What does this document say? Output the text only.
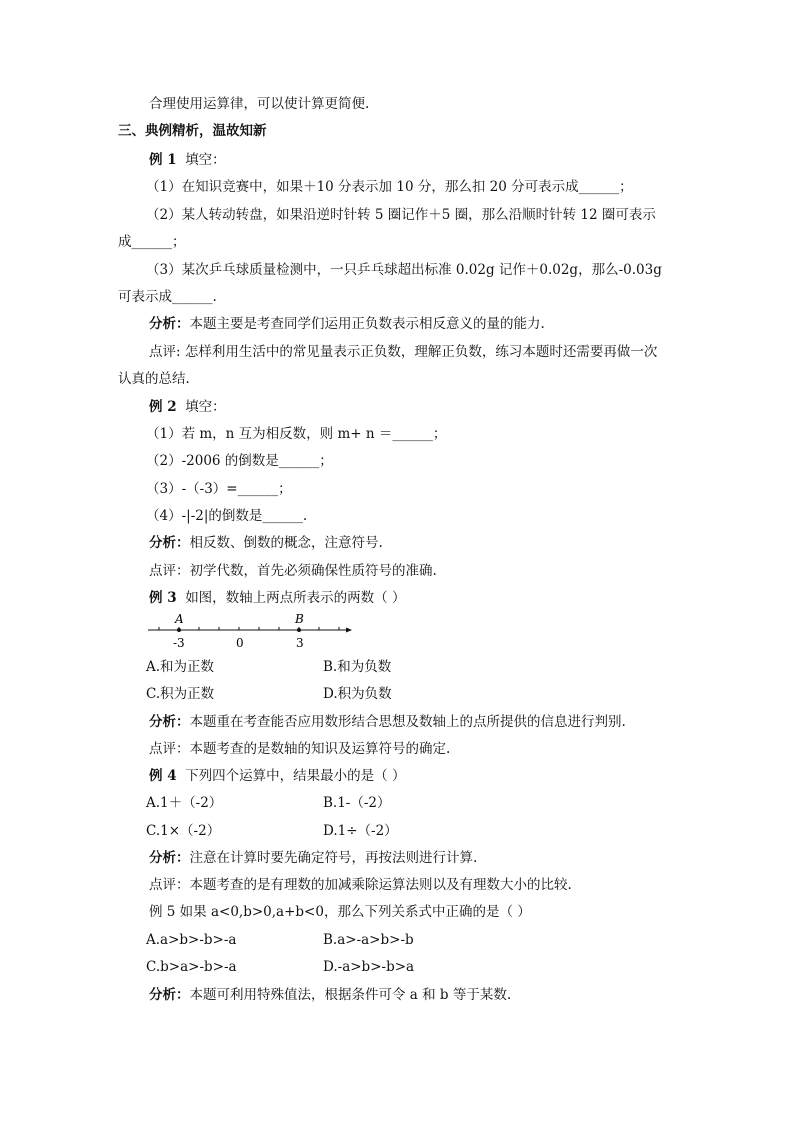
合理使用运算律，可以使计算更简便.
三、典例精析，温故知新
例 1 填空：
（1）在知识竞赛中，如果＋10 分表示加 10 分，那么扣 20 分可表示成______；
（2）某人转动转盘，如果沿逆时针转 5 圈记作＋5 圈，那么沿顺时针转 12 圈可表示
成______；
（3）某次乒乓球质量检测中，一只乒乓球超出标准 0.02g 记作＋0.02g，那么-0.03g
可表示成______.
分析：本题主要是考查同学们运用正负数表示相反意义的量的能力.
点评: 怎样利用生活中的常见量表示正负数，理解正负数，练习本题时还需要再做一次
认真的总结.
例 2 填空：
（1）若 m，n 互为相反数，则 m+ n ＝______；
（2）-2006 的倒数是______；
（3）-（-3）=______；
（4）-|-2|的倒数是______.
分析：相反数、倒数的概念，注意符号.
点评：初学代数，首先必须确保性质符号的准确.
例 3 如图，数轴上两点所表示的两数（ ）
A	B
-3	0	3
A.和为正数	B.和为负数
C.积为正数	D.积为负数
分析：本题重在考查能否应用数形结合思想及数轴上的点所提供的信息进行判别.
点评：本题考查的是数轴的知识及运算符号的确定.
例 4 下列四个运算中，结果最小的是（ ）
A.1＋（-2）	B.1-（-2）
C.1×（-2）	D.1÷（-2）
分析：注意在计算时要先确定符号，再按法则进行计算.
点评：本题考查的是有理数的加减乘除运算法则以及有理数大小的比较.
例 5 如果 a<0,b>0,a+b<0，那么下列关系式中正确的是（ ）
A.a>b>-b>-a	B.a>-a>b>-b
C.b>a>-b>-a	D.-a>b>-b>a
分析：本题可利用特殊值法，根据条件可令 a 和 b 等于某数.
